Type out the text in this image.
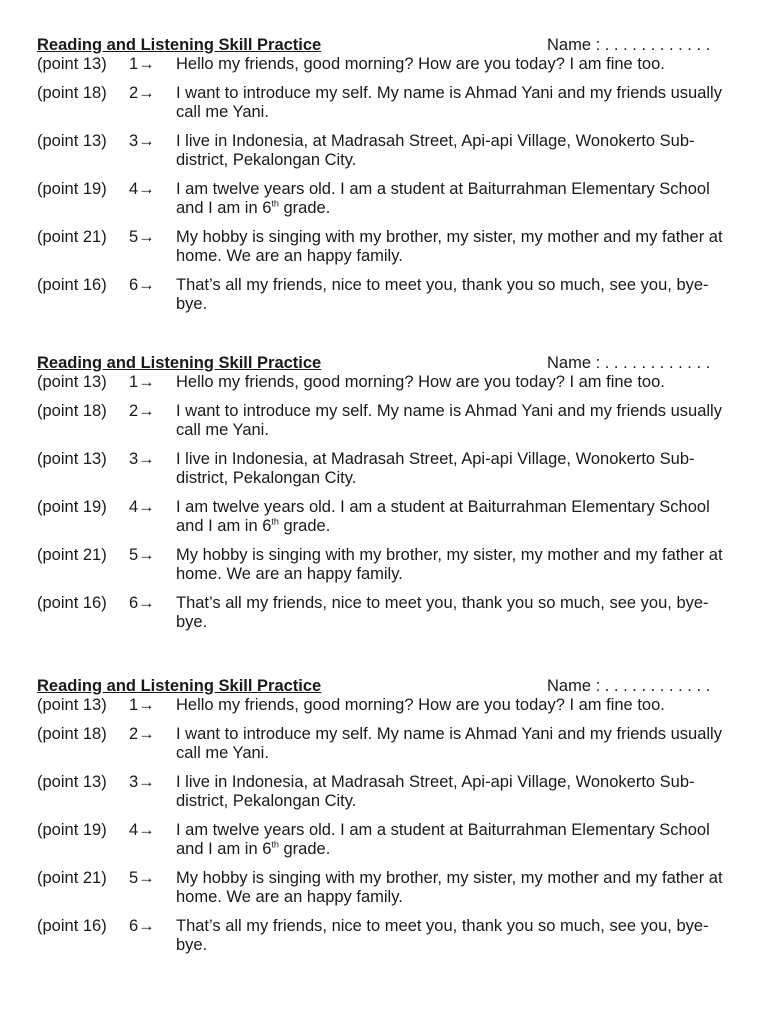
Reading and Listening Skill Practice	Name : . . . . . . . . . . . .
(point 13) 1→ Hello my friends, good morning? How are you today? I am fine too.
(point 18) 2→ I want to introduce my self. My name is Ahmad Yani and my friends usually call me Yani.
(point 13) 3→ I live in Indonesia, at Madrasah Street, Api-api Village, Wonokerto Sub-district, Pekalongan City.
(point 19) 4→ I am twelve years old. I am a student at Baiturrahman Elementary School and I am in 6th grade.
(point 21) 5→ My hobby is singing with my brother, my sister, my mother and my father at home. We are an happy family.
(point 16) 6→ That’s all my friends, nice to meet you, thank you so much, see you, bye-bye.
Reading and Listening Skill Practice	Name : . . . . . . . . . . . .
(point 13) 1→ Hello my friends, good morning? How are you today? I am fine too.
(point 18) 2→ I want to introduce my self. My name is Ahmad Yani and my friends usually call me Yani.
(point 13) 3→ I live in Indonesia, at Madrasah Street, Api-api Village, Wonokerto Sub-district, Pekalongan City.
(point 19) 4→ I am twelve years old. I am a student at Baiturrahman Elementary School and I am in 6th grade.
(point 21) 5→ My hobby is singing with my brother, my sister, my mother and my father at home. We are an happy family.
(point 16) 6→ That’s all my friends, nice to meet you, thank you so much, see you, bye-bye.
Reading and Listening Skill Practice	Name : . . . . . . . . . . . .
(point 13) 1→ Hello my friends, good morning? How are you today? I am fine too.
(point 18) 2→ I want to introduce my self. My name is Ahmad Yani and my friends usually call me Yani.
(point 13) 3→ I live in Indonesia, at Madrasah Street, Api-api Village, Wonokerto Sub-district, Pekalongan City.
(point 19) 4→ I am twelve years old. I am a student at Baiturrahman Elementary School and I am in 6th grade.
(point 21) 5→ My hobby is singing with my brother, my sister, my mother and my father at home. We are an happy family.
(point 16) 6→ That’s all my friends, nice to meet you, thank you so much, see you, bye-bye.
